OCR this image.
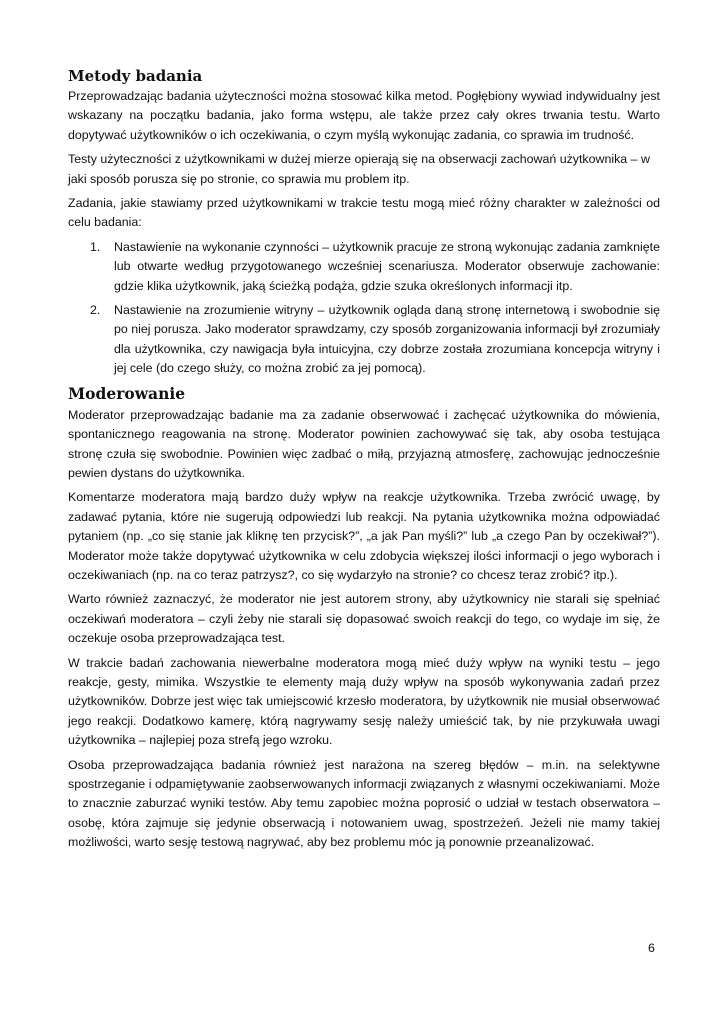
Metody badania

Przeprowadzając badania użyteczności można stosować kilka metod. Pogłębiony wywiad indywidualny jest wskazany na początku badania, jako forma wstępu, ale także przez cały okres trwania testu. Warto dopytywać użytkowników o ich oczekiwania, o czym myślą wykonując zadania, co sprawia im trudność.

Testy użyteczności z użytkownikami w dużej mierze opierają się na obserwacji zachowań użytkownika – w jaki sposób porusza się po stronie, co sprawia mu problem itp.

Zadania, jakie stawiamy przed użytkownikami w trakcie testu mogą mieć różny charakter w zależności od celu badania:

1. Nastawienie na wykonanie czynności – użytkownik pracuje ze stroną wykonując zadania zamknięte lub otwarte według przygotowanego wcześniej scenariusza. Moderator obserwuje zachowanie: gdzie klika użytkownik, jaką ścieżką podąża, gdzie szuka określonych informacji itp.
2. Nastawienie na zrozumienie witryny – użytkownik ogląda daną stronę internetową i swobodnie się po niej porusza. Jako moderator sprawdzamy, czy sposób zorganizowania informacji był zrozumiały dla użytkownika, czy nawigacja była intuicyjna, czy dobrze została zrozumiana koncepcja witryny i jej cele (do czego służy, co można zrobić za jej pomocą).
Moderowanie

Moderator przeprowadzając badanie ma za zadanie obserwować i zachęcać użytkownika do mówienia, spontanicznego reagowania na stronę. Moderator powinien zachowywać się tak, aby osoba testująca stronę czuła się swobodnie. Powinien więc zadbać o miłą, przyjazną atmosferę, zachowując jednocześnie pewien dystans do użytkownika.

Komentarze moderatora mają bardzo duży wpływ na reakcje użytkownika. Trzeba zwrócić uwagę, by zadawać pytania, które nie sugerują odpowiedzi lub reakcji. Na pytania użytkownika można odpowiadać pytaniem (np. „co się stanie jak kliknę ten przycisk?”, „a jak Pan myśli?” lub „a czego Pan by oczekiwał?”). Moderator może także dopytywać użytkownika w celu zdobycia większej ilości informacji o jego wyborach i oczekiwaniach (np. na co teraz patrzysz?, co się wydarzyło na stronie? co chcesz teraz zrobić? itp.).

Warto również zaznaczyć, że moderator nie jest autorem strony, aby użytkownicy nie starali się spełniać oczekiwań moderatora – czyli żeby nie starali się dopasować swoich reakcji do tego, co wydaje im się, że oczekuje osoba przeprowadzająca test.

W trakcie badań zachowania niewerbalne moderatora mogą mieć duży wpływ na wyniki testu – jego reakcje, gesty, mimika. Wszystkie te elementy mają duży wpływ na sposób wykonywania zadań przez użytkowników. Dobrze jest więc tak umiejscowić krzesło moderatora, by użytkownik nie musiał obserwować jego reakcji. Dodatkowo kamerę, którą nagrywamy sesję należy umieścić tak, by nie przykuwała uwagi użytkownika – najlepiej poza strefą jego wzroku.

Osoba przeprowadzająca badania również jest narażona na szereg błędów – m.in. na selektywne spostrzeganie i odpamiętywanie zaobserwowanych informacji związanych z własnymi oczekiwaniami. Może to znacznie zaburzać wyniki testów. Aby temu zapobiec można poprosić o udział w testach obserwatora – osobę, która zajmuje się jedynie obserwacją i notowaniem uwag, spostrzeżeń. Jeżeli nie mamy takiej możliwości, warto sesję testową nagrywać, aby bez problemu móc ją ponownie przeanalizować.

6
